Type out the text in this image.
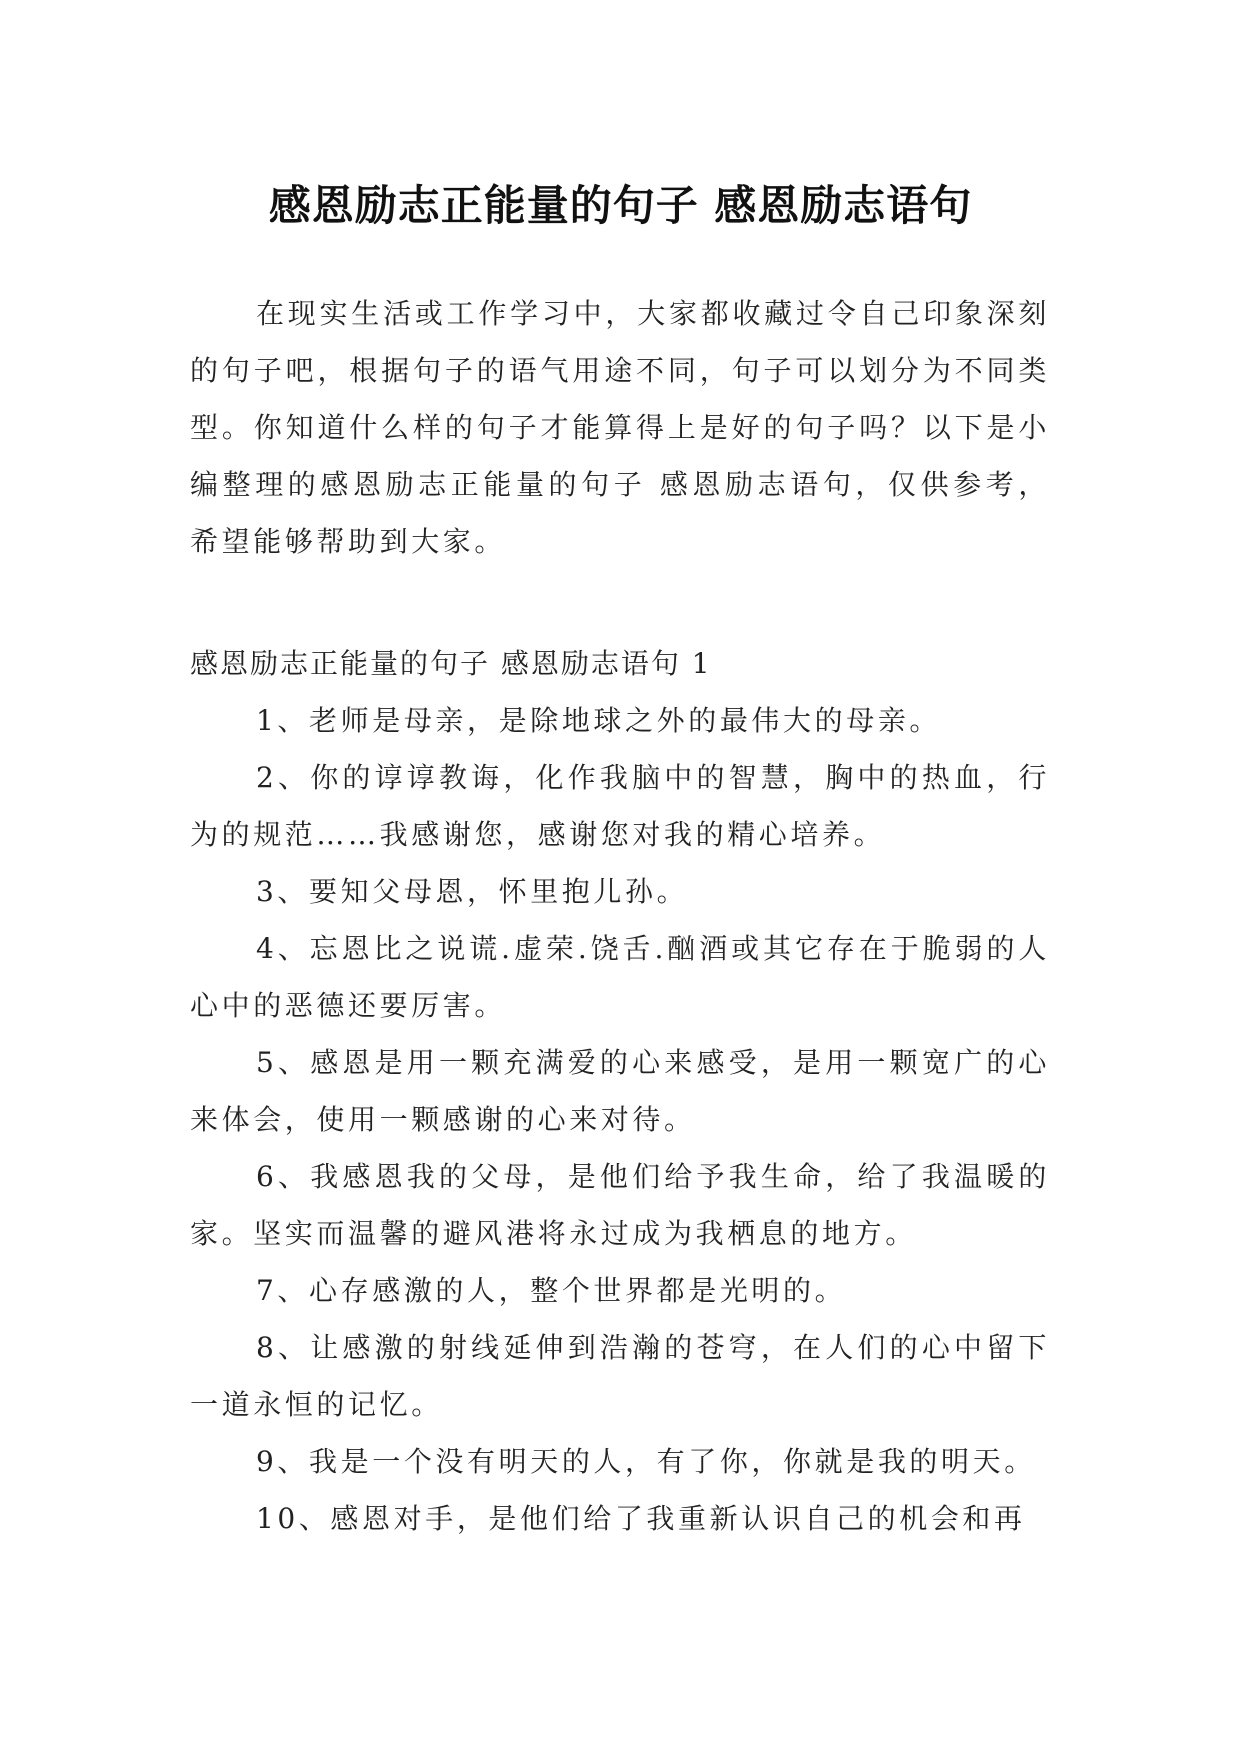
感恩励志正能量的句子 感恩励志语句

在现实生活或工作学习中，大家都收藏过令自己印象深刻的句子吧，根据句子的语气用途不同，句子可以划分为不同类型。你知道什么样的句子才能算得上是好的句子吗？以下是小编整理的感恩励志正能量的句子 感恩励志语句，仅供参考，希望能够帮助到大家。

感恩励志正能量的句子 感恩励志语句 1

1、老师是母亲，是除地球之外的最伟大的母亲。
2、你的谆谆教诲，化作我脑中的智慧，胸中的热血，行为的规范……我感谢您，感谢您对我的精心培养。
3、要知父母恩，怀里抱儿孙。
4、忘恩比之说谎.虚荣.饶舌.酗酒或其它存在于脆弱的人心中的恶德还要厉害。
5、感恩是用一颗充满爱的心来感受，是用一颗宽广的心来体会，使用一颗感谢的心来对待。
6、我感恩我的父母，是他们给予我生命，给了我温暖的家。坚实而温馨的避风港将永过成为我栖息的地方。
7、心存感激的人，整个世界都是光明的。
8、让感激的射线延伸到浩瀚的苍穹，在人们的心中留下一道永恒的记忆。
9、我是一个没有明天的人，有了你，你就是我的明天。
10、感恩对手，是他们给了我重新认识自己的机会和再
